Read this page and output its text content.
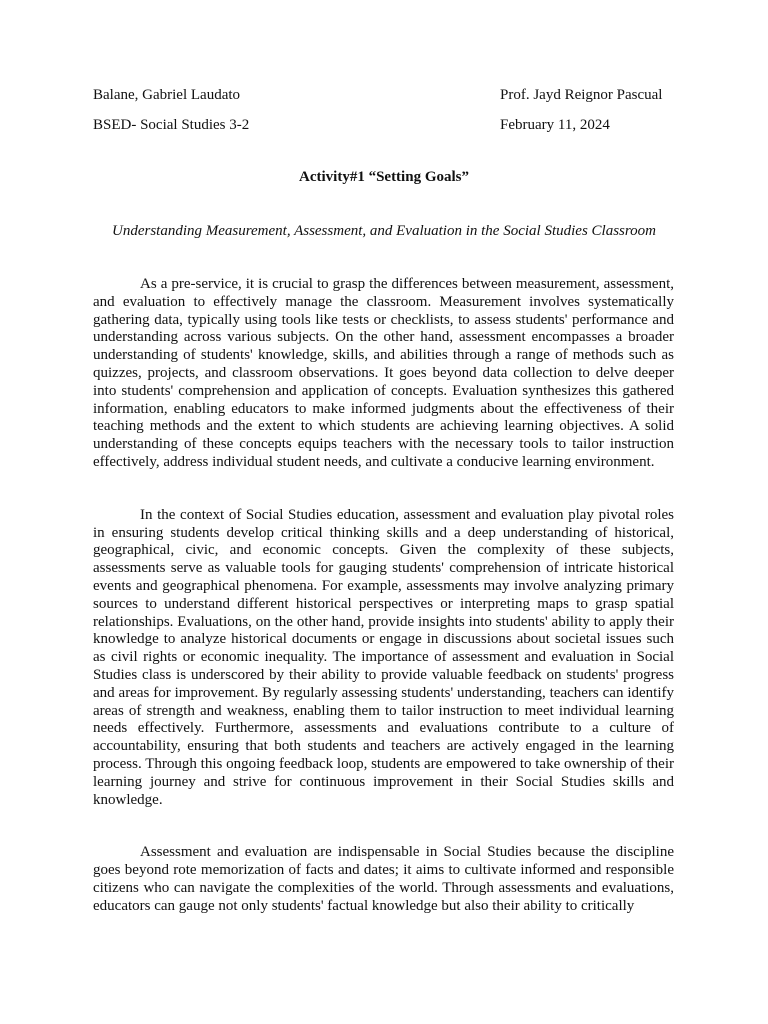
Balane, Gabriel Laudato	Prof. Jayd Reignor Pascual
BSED- Social Studies 3-2	February 11, 2024
Activity#1 “Setting Goals”
Understanding Measurement, Assessment, and Evaluation in the Social Studies Classroom

As a pre-service, it is crucial to grasp the differences between measurement, assessment, and evaluation to effectively manage the classroom. Measurement involves systematically gathering data, typically using tools like tests or checklists, to assess students' performance and understanding across various subjects. On the other hand, assessment encompasses a broader understanding of students' knowledge, skills, and abilities through a range of methods such as quizzes, projects, and classroom observations. It goes beyond data collection to delve deeper into students' comprehension and application of concepts. Evaluation synthesizes this gathered information, enabling educators to make informed judgments about the effectiveness of their teaching methods and the extent to which students are achieving learning objectives. A solid understanding of these concepts equips teachers with the necessary tools to tailor instruction effectively, address individual student needs, and cultivate a conducive learning environment.

In the context of Social Studies education, assessment and evaluation play pivotal roles in ensuring students develop critical thinking skills and a deep understanding of historical, geographical, civic, and economic concepts. Given the complexity of these subjects, assessments serve as valuable tools for gauging students' comprehension of intricate historical events and geographical phenomena. For example, assessments may involve analyzing primary sources to understand different historical perspectives or interpreting maps to grasp spatial relationships. Evaluations, on the other hand, provide insights into students' ability to apply their knowledge to analyze historical documents or engage in discussions about societal issues such as civil rights or economic inequality. The importance of assessment and evaluation in Social Studies class is underscored by their ability to provide valuable feedback on students' progress and areas for improvement. By regularly assessing students' understanding, teachers can identify areas of strength and weakness, enabling them to tailor instruction to meet individual learning needs effectively. Furthermore, assessments and evaluations contribute to a culture of accountability, ensuring that both students and teachers are actively engaged in the learning process. Through this ongoing feedback loop, students are empowered to take ownership of their learning journey and strive for continuous improvement in their Social Studies skills and knowledge.

Assessment and evaluation are indispensable in Social Studies because the discipline goes beyond rote memorization of facts and dates; it aims to cultivate informed and responsible citizens who can navigate the complexities of the world. Through assessments and evaluations, educators can gauge not only students' factual knowledge but also their ability to critically
